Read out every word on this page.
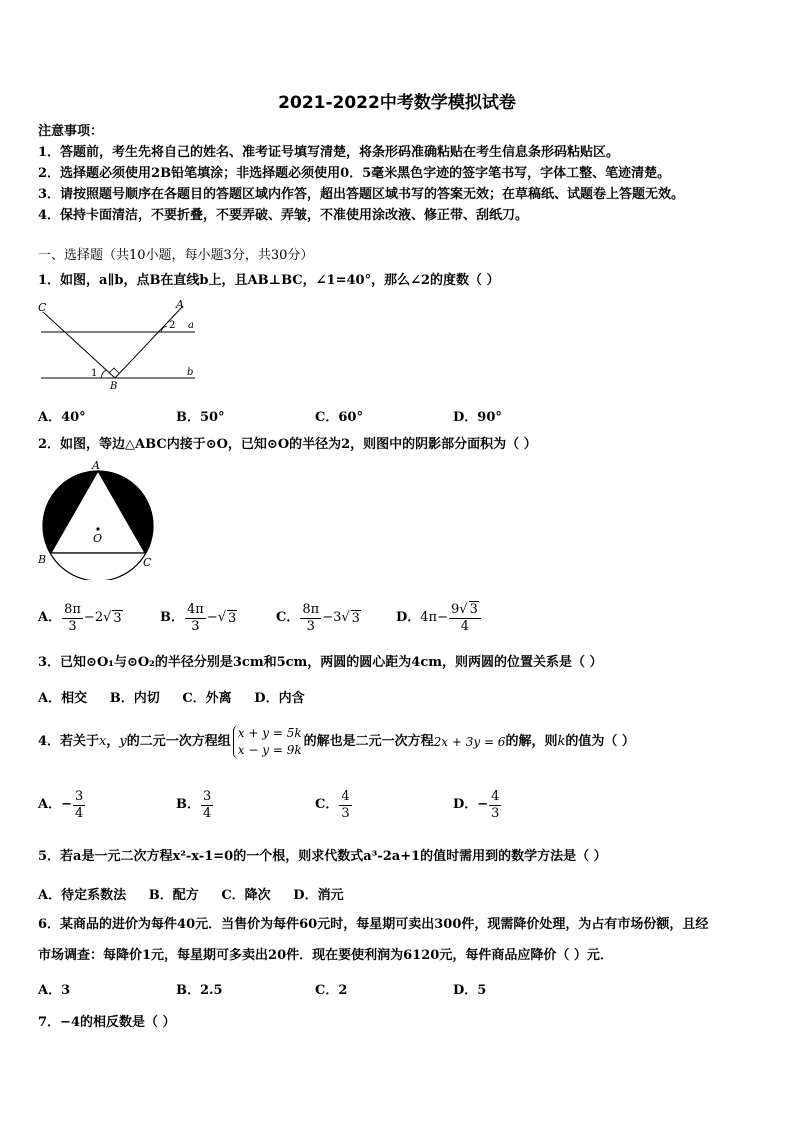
2021-2022中考数学模拟试卷
注意事项：
1．答题前，考生先将自己的姓名、准考证号填写清楚，将条形码准确粘贴在考生信息条形码粘贴区。
2．选择题必须使用2B铅笔填涂；非选择题必须使用0．5毫米黑色字迹的签字笔书写，字体工整、笔迹清楚。
3．请按照题号顺序在各题目的答题区域内作答，超出答题区域书写的答案无效；在草稿纸、试题卷上答题无效。
4．保持卡面清洁，不要折叠，不要弄破、弄皱，不准使用涂改液、修正带、刮纸刀。
一、选择题（共10小题，每小题3分，共30分）
1．如图，a∥b，点B在直线b上，且AB⊥BC，∠1=40°，那么∠2的度数（ ）
C	A
2 a
1
B
b
A．40°	B．50°	C．60°	D．90°
2．如图，等边△ABC内接于⊙O，已知⊙O的半径为2，则图中的阴影部分面积为（ ）
A
O
B	C
A． $\frac{8\pi}{3} -2$ √ 3	B． $\frac{4\pi}{3}$ − √ 3	C． $\frac{8\pi}{3} -3$ √ 3	D． $4\pi- \frac{9√ 3}{4}$
3．已知⊙O₁与⊙O₂的半径分别是3cm和5cm，两圆的圆心距为4cm，则两圆的位置关系是（ ）
A．相交     B．内切     C．外离     D．内含
4．若关于 x ， y 的二元一次方程组
x + y = 5k
x − y = 9k
的解也是二元一次方程 2x + 3y = 6 的解，则 k 的值为（ ）
A．− $\frac{3}{4}$	B． $\frac{3}{4}$	C． $\frac{4}{3}$	D．− $\frac{4}{3}$
5．若a是一元二次方程x²-x-1=0的一个根，则求代数式a³-2a+1的值时需用到的数学方法是（ ）
A．待定系数法     B．配方     C．降次     D．消元
6．某商品的进价为每件40元．当售价为每件60元时，每星期可卖出300件，现需降价处理，为占有市场份额，且经
市场调查：每降价1元，每星期可多卖出20件．现在要使利润为6120元，每件商品应降价（ ）元．
A．3	B．2.5	C．2	D．5
7．−4的相反数是（ ）
